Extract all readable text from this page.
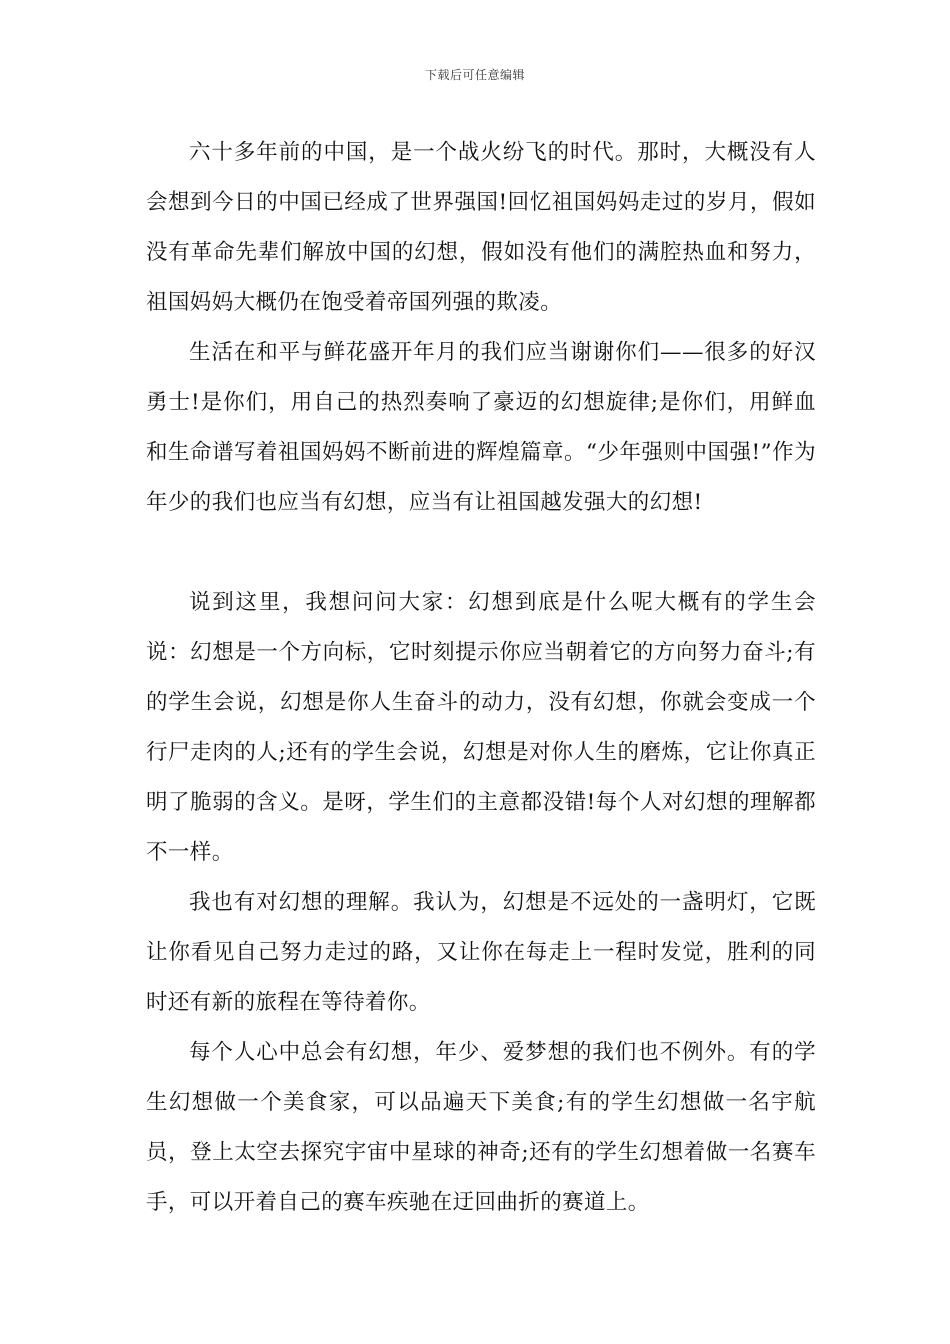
下载后可任意编辑

六十多年前的中国，是一个战火纷飞的时代。那时，大概没有人会想到今日的中国已经成了世界强国!回忆祖国妈妈走过的岁月，假如没有革命先辈们解放中国的幻想，假如没有他们的满腔热血和努力，祖国妈妈大概仍在饱受着帝国列强的欺凌。

生活在和平与鲜花盛开年月的我们应当谢谢你们——很多的好汉勇士!是你们，用自己的热烈奏响了豪迈的幻想旋律;是你们，用鲜血和生命谱写着祖国妈妈不断前进的辉煌篇章。“少年强则中国强!”作为年少的我们也应当有幻想，应当有让祖国越发强大的幻想!

说到这里，我想问问大家：幻想到底是什么呢大概有的学生会说：幻想是一个方向标，它时刻提示你应当朝着它的方向努力奋斗;有的学生会说，幻想是你人生奋斗的动力，没有幻想，你就会变成一个行尸走肉的人;还有的学生会说，幻想是对你人生的磨炼，它让你真正明了脆弱的含义。是呀，学生们的主意都没错!每个人对幻想的理解都不一样。

我也有对幻想的理解。我认为，幻想是不远处的一盏明灯，它既让你看见自己努力走过的路，又让你在每走上一程时发觉，胜利的同时还有新的旅程在等待着你。

每个人心中总会有幻想，年少、爱梦想的我们也不例外。有的学生幻想做一个美食家，可以品遍天下美食;有的学生幻想做一名宇航员，登上太空去探究宇宙中星球的神奇;还有的学生幻想着做一名赛车手，可以开着自己的赛车疾驰在迂回曲折的赛道上。
